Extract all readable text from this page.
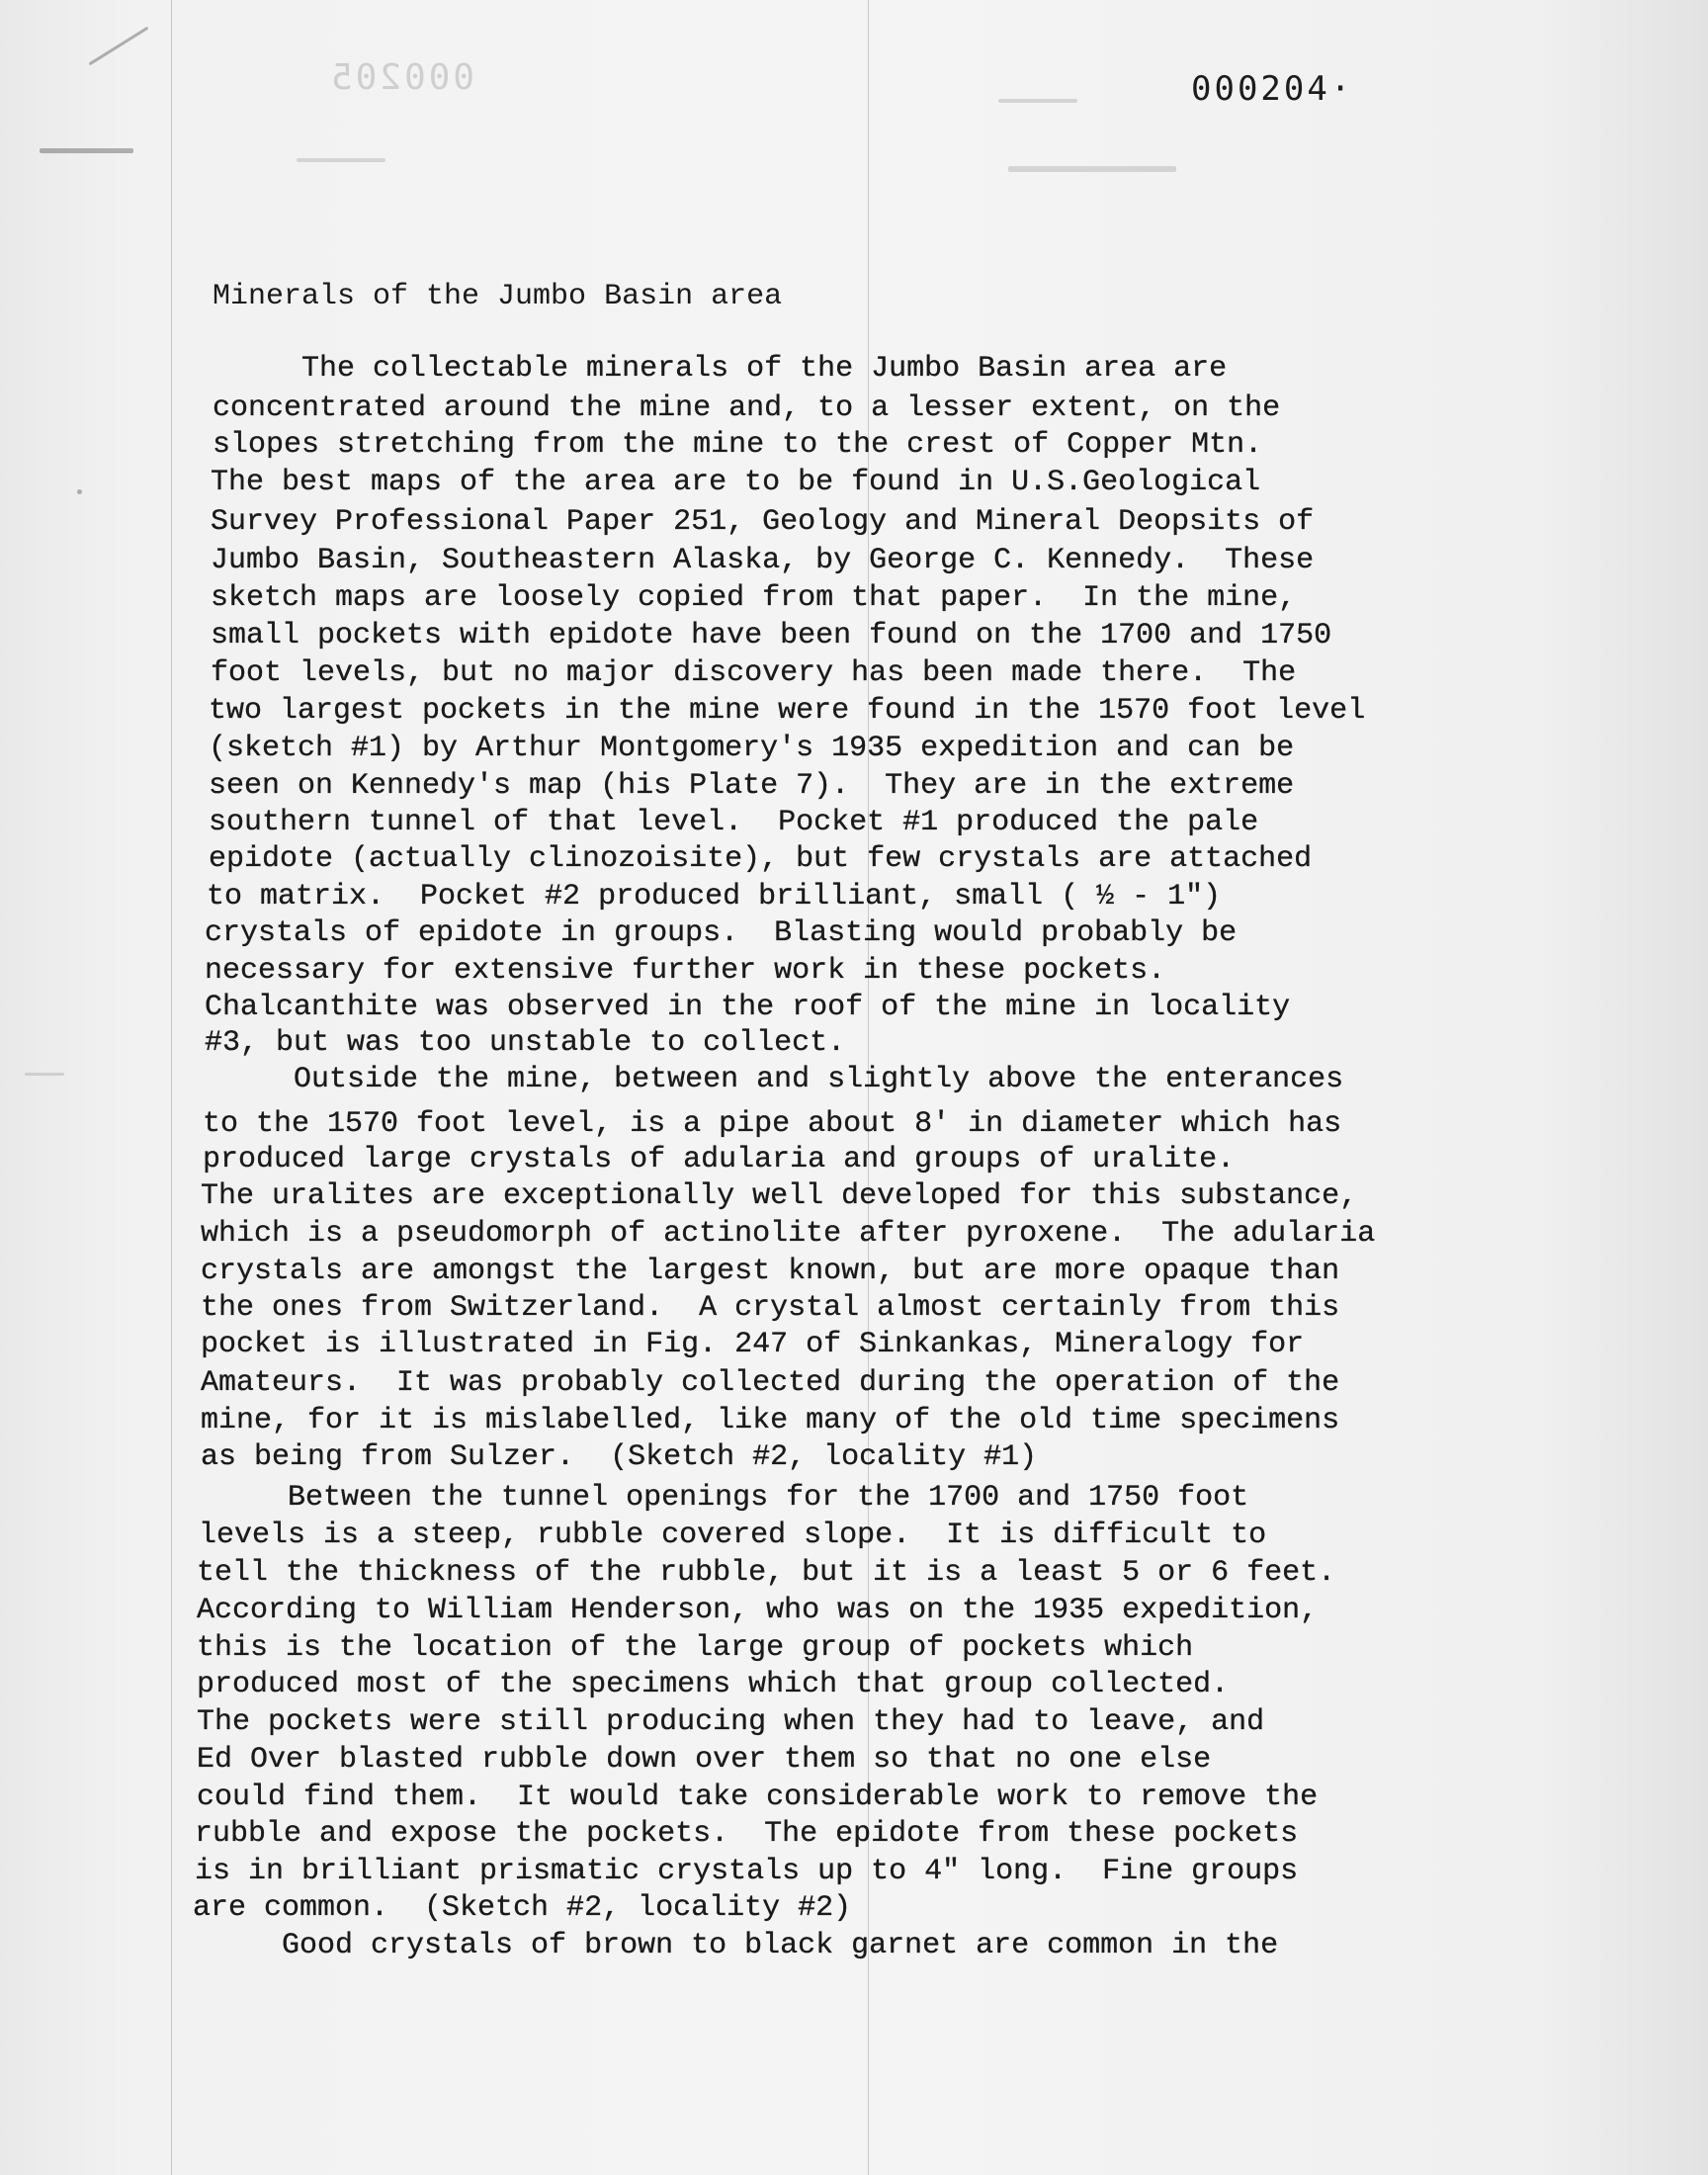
000205	000204·
Minerals of the Jumbo Basin area
The collectable minerals of the Jumbo Basin area are
concentrated around the mine and, to a lesser extent, on the
slopes stretching from the mine to the crest of Copper Mtn.
The best maps of the area are to be found in U.S.Geological
Survey Professional Paper 251, Geology and Mineral Deopsits of
Jumbo Basin, Southeastern Alaska, by George C. Kennedy.  These
sketch maps are loosely copied from that paper.  In the mine,
small pockets with epidote have been found on the 1700 and 1750
foot levels, but no major discovery has been made there.  The
two largest pockets in the mine were found in the 1570 foot level
(sketch #1) by Arthur Montgomery's 1935 expedition and can be
seen on Kennedy's map (his Plate 7).  They are in the extreme
southern tunnel of that level.  Pocket #1 produced the pale
epidote (actually clinozoisite), but few crystals are attached
to matrix.  Pocket #2 produced brilliant, small ( ½ - 1")
crystals of epidote in groups.  Blasting would probably be
necessary for extensive further work in these pockets.
Chalcanthite was observed in the roof of the mine in locality
#3, but was too unstable to collect.
Outside the mine, between and slightly above the enterances
to the 1570 foot level, is a pipe about 8' in diameter which has
produced large crystals of adularia and groups of uralite.
The uralites are exceptionally well developed for this substance,
which is a pseudomorph of actinolite after pyroxene.  The adularia
crystals are amongst the largest known, but are more opaque than
the ones from Switzerland.  A crystal almost certainly from this
pocket is illustrated in Fig. 247 of Sinkankas, Mineralogy for
Amateurs.  It was probably collected during the operation of the
mine, for it is mislabelled, like many of the old time specimens
as being from Sulzer.  (Sketch #2, locality #1)
Between the tunnel openings for the 1700 and 1750 foot
levels is a steep, rubble covered slope.  It is difficult to
tell the thickness of the rubble, but it is a least 5 or 6 feet.
According to William Henderson, who was on the 1935 expedition,
this is the location of the large group of pockets which
produced most of the specimens which that group collected.
The pockets were still producing when they had to leave, and
Ed Over blasted rubble down over them so that no one else
could find them.  It would take considerable work to remove the
rubble and expose the pockets.  The epidote from these pockets
is in brilliant prismatic crystals up to 4" long.  Fine groups
are common.  (Sketch #2, locality #2)
Good crystals of brown to black garnet are common in the
